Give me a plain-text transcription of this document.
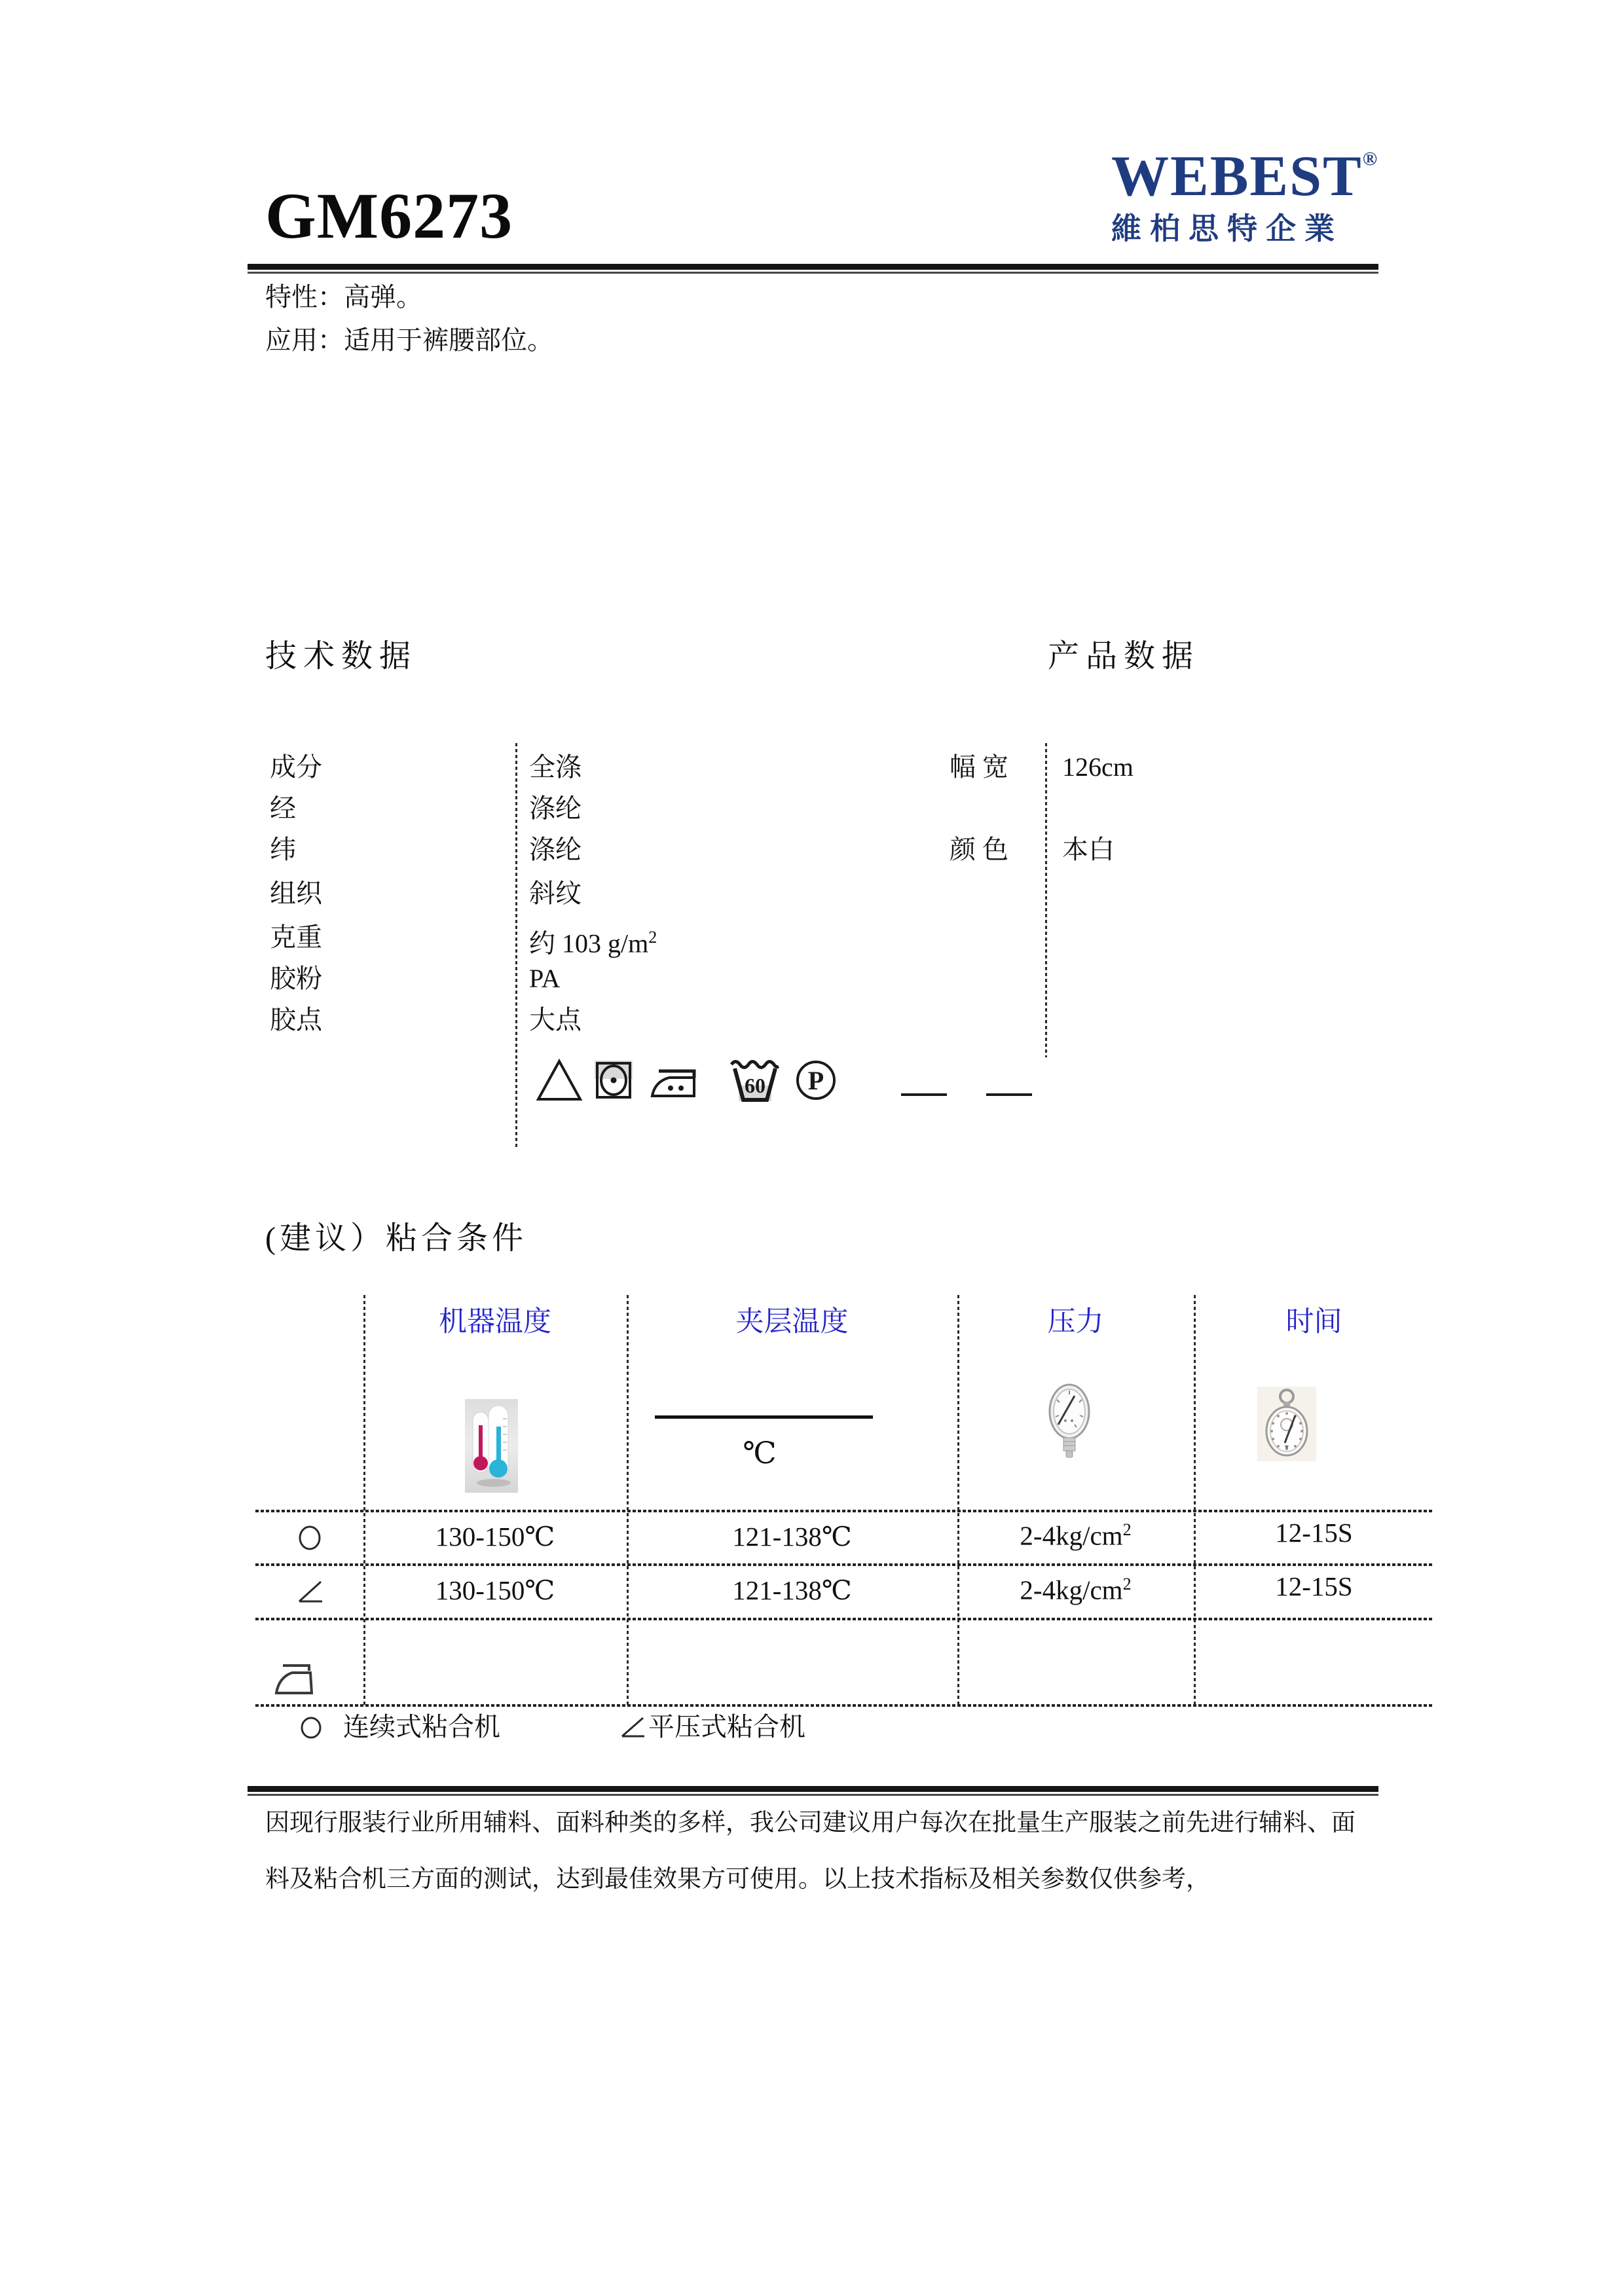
GM6273
WEBEST®
維柏思特企業
特性：高弹。
应用：适用于裤腰部位。
技术数据	产品数据
成分	全涤
经	涤纶
纬	涤纶
组织	斜纹
克重	约 103 $g/m^2$
胶粉	PA
胶点	大点
幅 宽 126cm
颜 色 本白
60 P
(建议）粘合条件
机器温度	夹层温度	压力	时间
℃
130-150℃	121-138℃	$2-4kg/cm^2$	12-15S
130-150℃	121-138℃	$2-4kg/cm^2$	12-15S
连续式粘合机	平压式粘合机
因现行服装行业所用辅料、面料种类的多样，我公司建议用户每次在批量生产服装之前先进行辅料、面
料及粘合机三方面的测试，达到最佳效果方可使用。以上技术指标及相关参数仅供参考，
